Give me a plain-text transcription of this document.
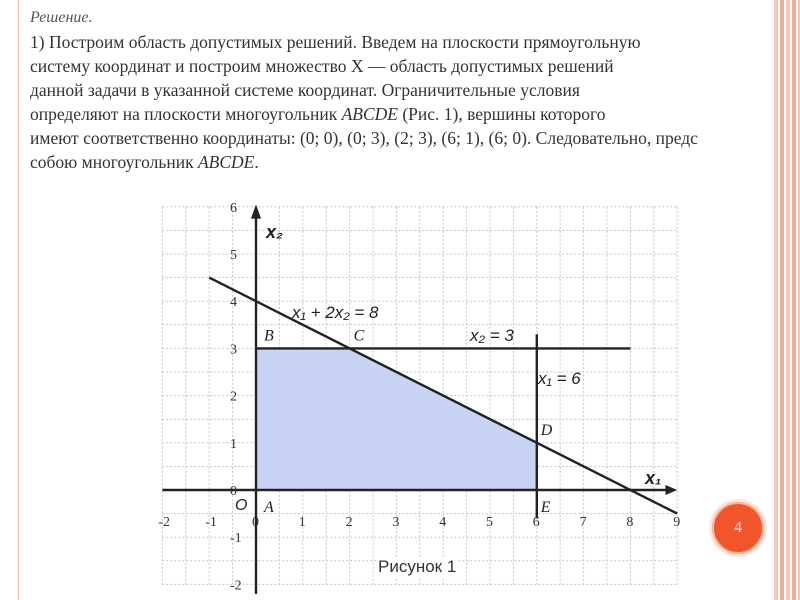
Решение.
1) Построим область допустимых решений. Введем на плоскости прямоугольную
систему координат и построим множество Х — область допустимых решений
данной задачи в указанной системе координат. Ограничительные условия
определяют на плоскости многоугольник ABCDE (Рис. 1), вершины которого
имеют соответственно координаты: (0; 0), (0; 3), (2; 3), (6; 1), (6; 0). Следовательно, предс
собою многоугольник ABCDE.
-2	-1	0	1	2	3	4	5	6	7	8	9
6
5
4
3
2
1
0
-1
-2
A
B	C
D
E
x₁ + 2x₂ = 8
x₂ = 3
x₁ = 6
x₁
x₂
O
Рисунок 1
4
